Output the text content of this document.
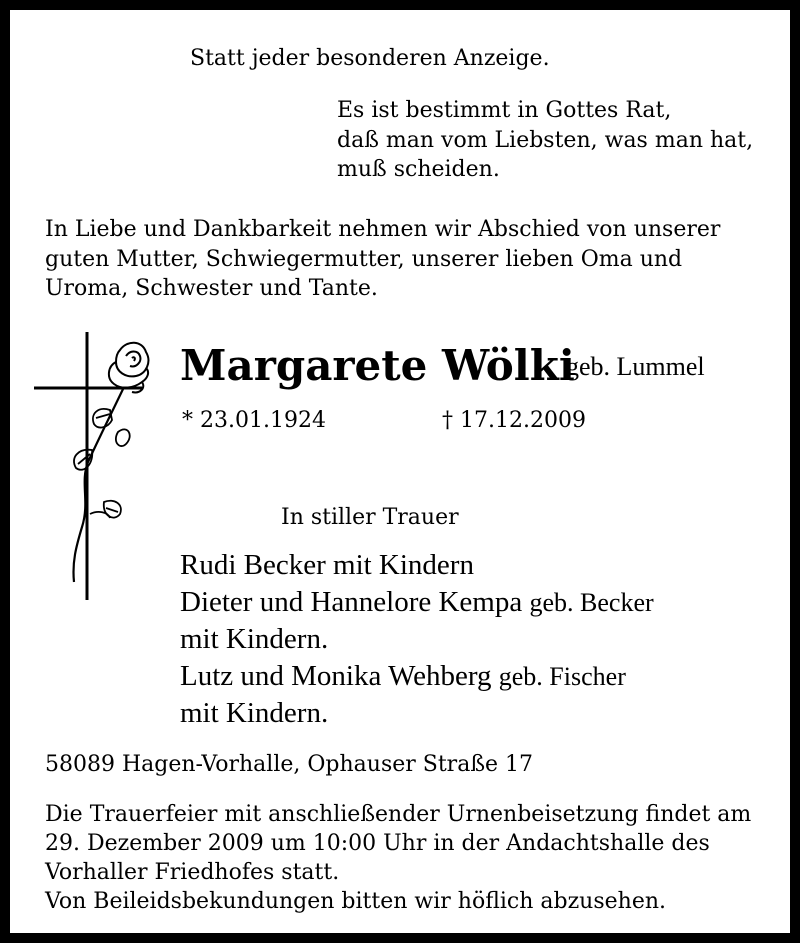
Statt jeder besonderen Anzeige.
Es ist bestimmt in Gottes Rat,
daß man vom Liebsten, was man hat,
muß scheiden.
In Liebe und Dankbarkeit nehmen wir Abschied von unserer
guten Mutter, Schwiegermutter, unserer lieben Oma und
Uroma, Schwester und Tante.
Margarete Wölki
geb. Lummel
* 23.01.1924	† 17.12.2009
In stiller Trauer
Rudi Becker mit Kindern
Dieter und Hannelore Kempa geb. Becker
mit Kindern.
Lutz und Monika Wehberg geb. Fischer
mit Kindern.
58089 Hagen-Vorhalle, Ophauser Straße 17
Die Trauerfeier mit anschließender Urnenbeisetzung findet am
29. Dezember 2009 um 10:00 Uhr in der Andachtshalle des
Vorhaller Friedhofes statt.
Von Beileidsbekundungen bitten wir höflich abzusehen.
